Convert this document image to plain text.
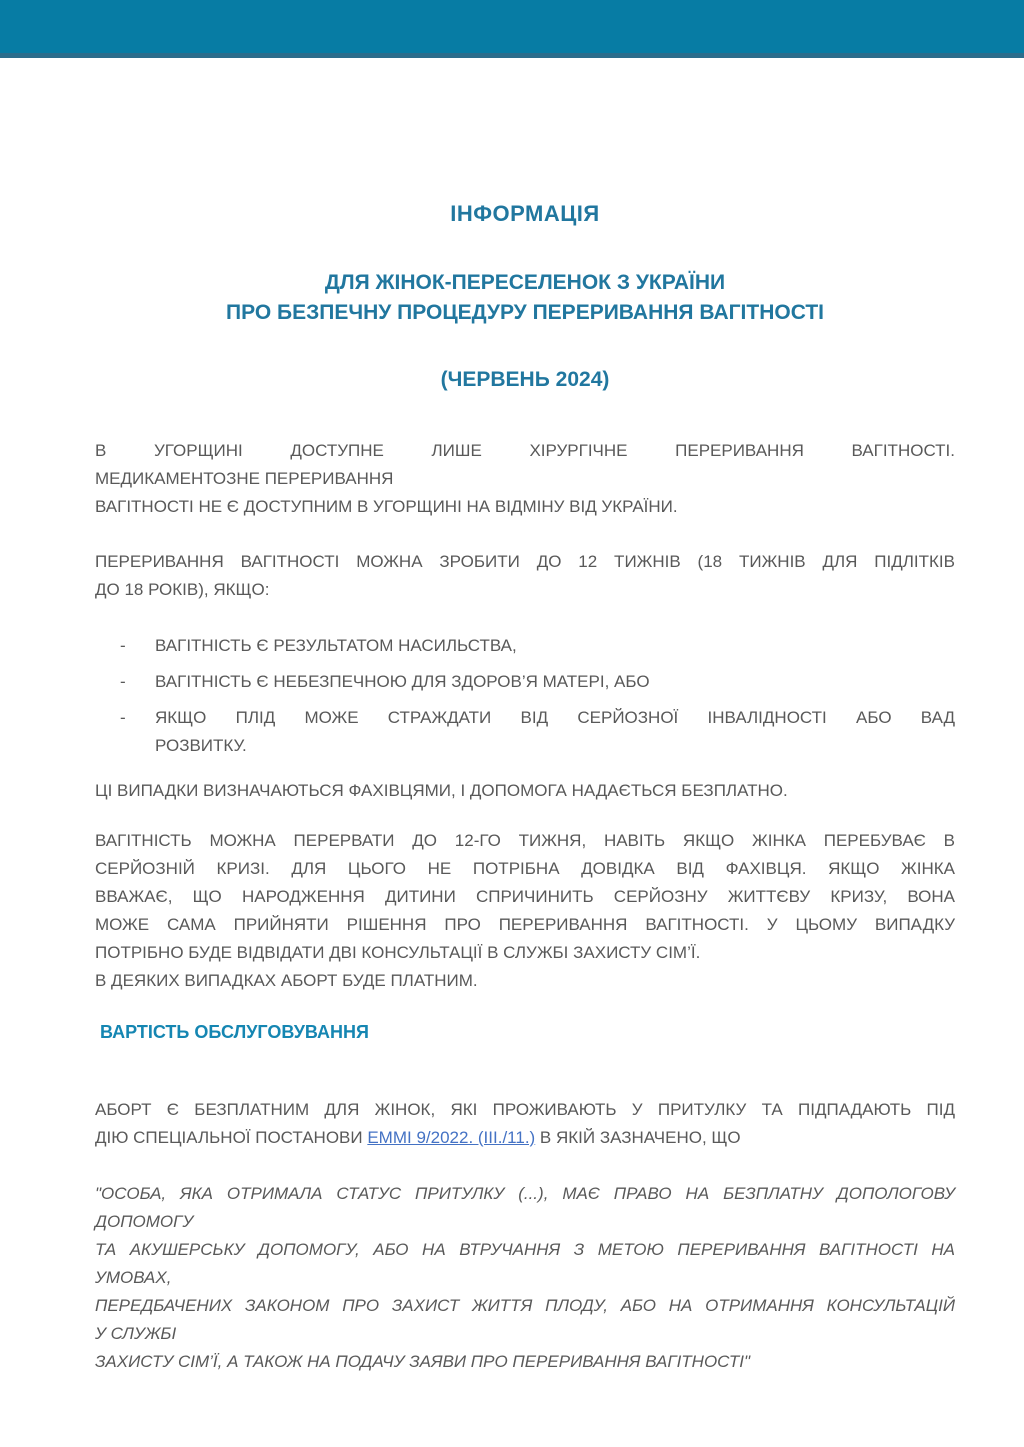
ІНФОРМАЦІЯ
ДЛЯ ЖІНОК-ПЕРЕСЕЛЕНОК З УКРАЇНИ
ПРО БЕЗПЕЧНУ ПРОЦЕДУРУ ПЕРЕРИВАННЯ ВАГІТНОСТІ
(ЧЕРВЕНЬ 2024)
В УГОРЩИНІ ДОСТУПНЕ ЛИШЕ ХІРУРГІЧНЕ ПЕРЕРИВАННЯ ВАГІТНОСТІ.
МЕДИКАМЕНТОЗНЕ ПЕРЕРИВАННЯ
ВАГІТНОСТІ НЕ Є ДОСТУПНИМ В УГОРЩИНІ НА ВІДМІНУ ВІД УКРАЇНИ.
ПЕРЕРИВАННЯ ВАГІТНОСТІ МОЖНА ЗРОБИТИ ДО 12 ТИЖНІВ (18 ТИЖНІВ ДЛЯ ПІДЛІТКІВ
ДО 18 РОКІВ), ЯКЩО:
-	ВАГІТНІСТЬ Є РЕЗУЛЬТАТОМ НАСИЛЬСТВА,
-	ВАГІТНІСТЬ Є НЕБЕЗПЕЧНОЮ ДЛЯ ЗДОРОВ’Я МАТЕРІ, АБО
-	ЯКЩО ПЛІД МОЖЕ СТРАЖДАТИ ВІД СЕРЙОЗНОЇ ІНВАЛІДНОСТІ АБО ВАД
РОЗВИТКУ.
ЦІ ВИПАДКИ ВИЗНАЧАЮТЬСЯ ФАХІВЦЯМИ, І ДОПОМОГА НАДАЄТЬСЯ БЕЗПЛАТНО.
ВАГІТНІСТЬ МОЖНА ПЕРЕРВАТИ ДО 12-ГО ТИЖНЯ, НАВІТЬ ЯКЩО ЖІНКА ПЕРЕБУВАЄ В
СЕРЙОЗНІЙ КРИЗІ. ДЛЯ ЦЬОГО НЕ ПОТРІБНА ДОВІДКА ВІД ФАХІВЦЯ. ЯКЩО ЖІНКА
ВВАЖАЄ, ЩО НАРОДЖЕННЯ ДИТИНИ СПРИЧИНИТЬ СЕРЙОЗНУ ЖИТТЄВУ КРИЗУ, ВОНА
МОЖЕ САМА ПРИЙНЯТИ РІШЕННЯ ПРО ПЕРЕРИВАННЯ ВАГІТНОСТІ. У ЦЬОМУ ВИПАДКУ
ПОТРІБНО БУДЕ ВІДВІДАТИ ДВІ КОНСУЛЬТАЦІЇ В СЛУЖБІ ЗАХИСТУ СІМ’Ї.
В ДЕЯКИХ ВИПАДКАХ АБОРТ БУДЕ ПЛАТНИМ.
ВАРТІСТЬ ОБСЛУГОВУВАННЯ
АБОРТ Є БЕЗПЛАТНИМ ДЛЯ ЖІНОК, ЯКІ ПРОЖИВАЮТЬ У ПРИТУЛКУ ТА ПІДПАДАЮТЬ ПІД
ДІЮ СПЕЦІАЛЬНОЇ ПОСТАНОВИ EMMI 9/2022. (III./11.) В ЯКІЙ ЗАЗНАЧЕНО, ЩО
"ОСОБА, ЯКА ОТРИМАЛА СТАТУС ПРИТУЛКУ (...), МАЄ ПРАВО НА БЕЗПЛАТНУ ДОПОЛОГОВУ
ДОПОМОГУ
ТА АКУШЕРСЬКУ ДОПОМОГУ, АБО НА ВТРУЧАННЯ З МЕТОЮ ПЕРЕРИВАННЯ ВАГІТНОСТІ НА
УМОВАХ,
ПЕРЕДБАЧЕНИХ ЗАКОНОМ ПРО ЗАХИСТ ЖИТТЯ ПЛОДУ, АБО НА ОТРИМАННЯ КОНСУЛЬТАЦІЙ
У СЛУЖБІ
ЗАХИСТУ СІМ’Ї, А ТАКОЖ НА ПОДАЧУ ЗАЯВИ ПРО ПЕРЕРИВАННЯ ВАГІТНОСТІ"
